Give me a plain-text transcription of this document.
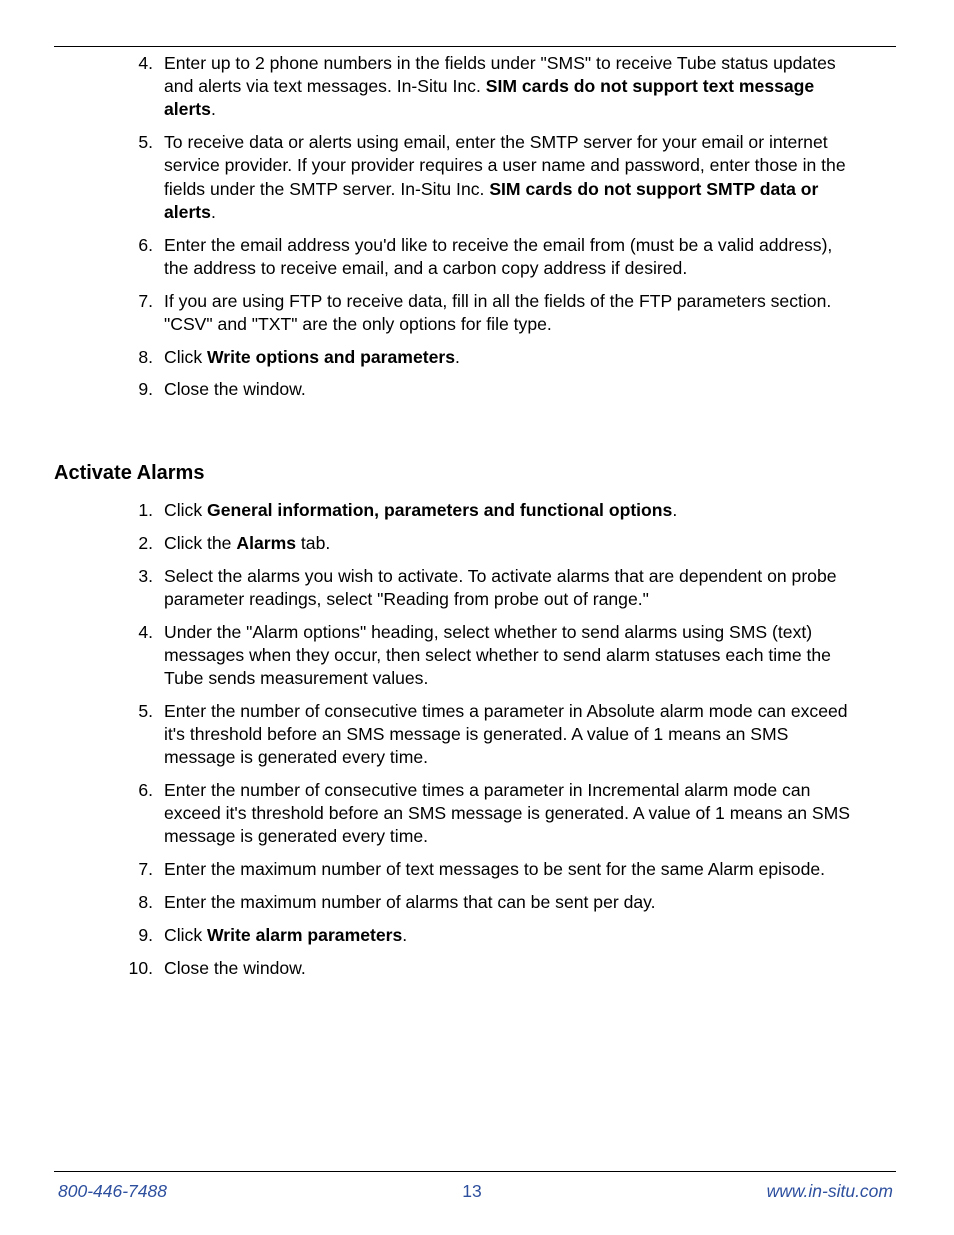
4. Enter up to 2 phone numbers in the fields under "SMS" to receive Tube status updates and alerts via text messages. In-Situ Inc. SIM cards do not support text message alerts.
5. To receive data or alerts using email, enter the SMTP server for your email or internet service provider. If your provider requires a user name and password, enter those in the fields under the SMTP server. In-Situ Inc. SIM cards do not support SMTP data or alerts.
6. Enter the email address you'd like to receive the email from (must be a valid address), the address to receive email, and a carbon copy address if desired.
7. If you are using FTP to receive data, fill in all the fields of the FTP parameters section. "CSV" and "TXT" are the only options for file type.
8. Click Write options and parameters.
9. Close the window.
Activate Alarms
1. Click General information, parameters and functional options.
2. Click the Alarms tab.
3. Select the alarms you wish to activate. To activate alarms that are dependent on probe parameter readings, select "Reading from probe out of range."
4. Under the "Alarm options" heading, select whether to send alarms using SMS (text) messages when they occur, then select whether to send alarm statuses each time the Tube sends measurement values.
5. Enter the number of consecutive times a parameter in Absolute alarm mode can exceed it's threshold before an SMS message is generated. A value of 1 means an SMS message is generated every time.
6. Enter the number of consecutive times a parameter in Incremental alarm mode can exceed it's threshold before an SMS message is generated. A value of 1 means an SMS message is generated every time.
7. Enter the maximum number of text messages to be sent for the same Alarm episode.
8. Enter the maximum number of alarms that can be sent per day.
9. Click Write alarm parameters.
10. Close the window.
800-446-7488	13	www.in-situ.com
